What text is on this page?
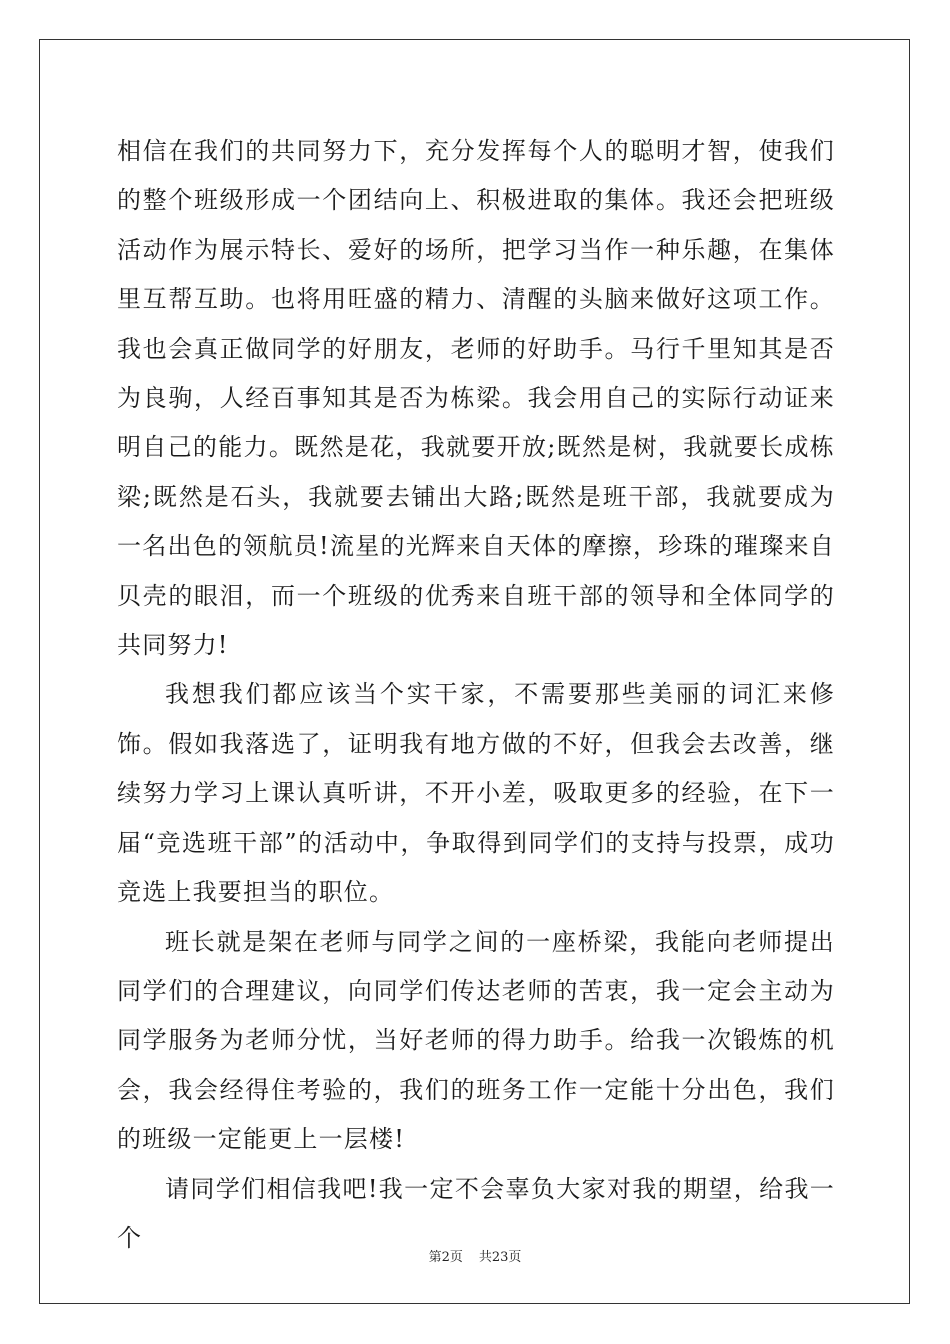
相信在我们的共同努力下，充分发挥每个人的聪明才智，使我们的整个班级形成一个团结向上、积极进取的集体。我还会把班级活动作为展示特长、爱好的场所，把学习当作一种乐趣，在集体里互帮互助。也将用旺盛的精力、清醒的头脑来做好这项工作。我也会真正做同学的好朋友，老师的好助手。马行千里知其是否为良驹，人经百事知其是否为栋梁。我会用自己的实际行动证来明自己的能力。既然是花，我就要开放;既然是树，我就要长成栋梁;既然是石头，我就要去铺出大路;既然是班干部，我就要成为一名出色的领航员!流星的光辉来自天体的摩擦，珍珠的璀璨来自贝壳的眼泪，而一个班级的优秀来自班干部的领导和全体同学的共同努力!

我想我们都应该当个实干家，不需要那些美丽的词汇来修饰。假如我落选了，证明我有地方做的不好，但我会去改善，继续努力学习上课认真听讲，不开小差，吸取更多的经验，在下一届“竞选班干部”的活动中，争取得到同学们的支持与投票，成功竞选上我要担当的职位。

班长就是架在老师与同学之间的一座桥梁，我能向老师提出同学们的合理建议，向同学们传达老师的苦衷，我一定会主动为同学服务为老师分忧，当好老师的得力助手。给我一次锻炼的机会，我会经得住考验的，我们的班务工作一定能十分出色，我们的班级一定能更上一层楼!

请同学们相信我吧!我一定不会辜负大家对我的期望，给我一个

第2页 共23页
